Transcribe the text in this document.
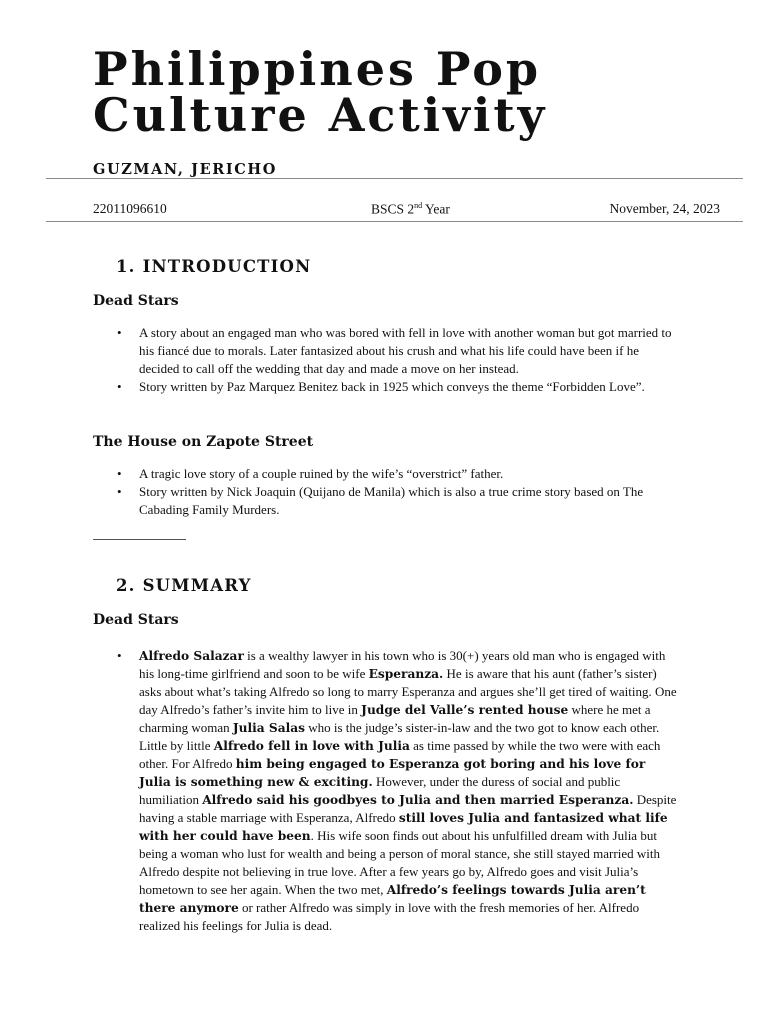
Philippines Pop
Culture Activity
GUZMAN, JERICHO
22011096610	BSCS 2nd Year	November, 24, 2023
1. INTRODUCTION
Dead Stars
• A story about an engaged man who was bored with fell in love with another woman but got married to his fiancé due to morals. Later fantasized about his crush and what his life could have been if he decided to call off the wedding that day and made a move on her instead.
• Story written by Paz Marquez Benitez back in 1925 which conveys the theme “Forbidden Love”.
The House on Zapote Street
• A tragic love story of a couple ruined by the wife’s “overstrict” father.
• Story written by Nick Joaquin (Quijano de Manila) which is also a true crime story based on The Cabading Family Murders.
2. SUMMARY
Dead Stars
• Alfredo Salazar is a wealthy lawyer in his town who is 30(+) years old man who is engaged with his long-time girlfriend and soon to be wife Esperanza. He is aware that his aunt (father’s sister) asks about what’s taking Alfredo so long to marry Esperanza and argues she’ll get tired of waiting. One day Alfredo’s father’s invite him to live in Judge del Valle’s rented house where he met a charming woman Julia Salas who is the judge’s sister-in-law and the two got to know each other. Little by little Alfredo fell in love with Julia as time passed by while the two were with each other. For Alfredo him being engaged to Esperanza got boring and his love for Julia is something new & exciting. However, under the duress of social and public humiliation Alfredo said his goodbyes to Julia and then married Esperanza. Despite having a stable marriage with Esperanza, Alfredo still loves Julia and fantasized what life with her could have been. His wife soon finds out about his unfulfilled dream with Julia but being a woman who lust for wealth and being a person of moral stance, she still stayed married with Alfredo despite not believing in true love. After a few years go by, Alfredo goes and visit Julia’s hometown to see her again. When the two met, Alfredo’s feelings towards Julia aren’t there anymore or rather Alfredo was simply in love with the fresh memories of her. Alfredo realized his feelings for Julia is dead.
